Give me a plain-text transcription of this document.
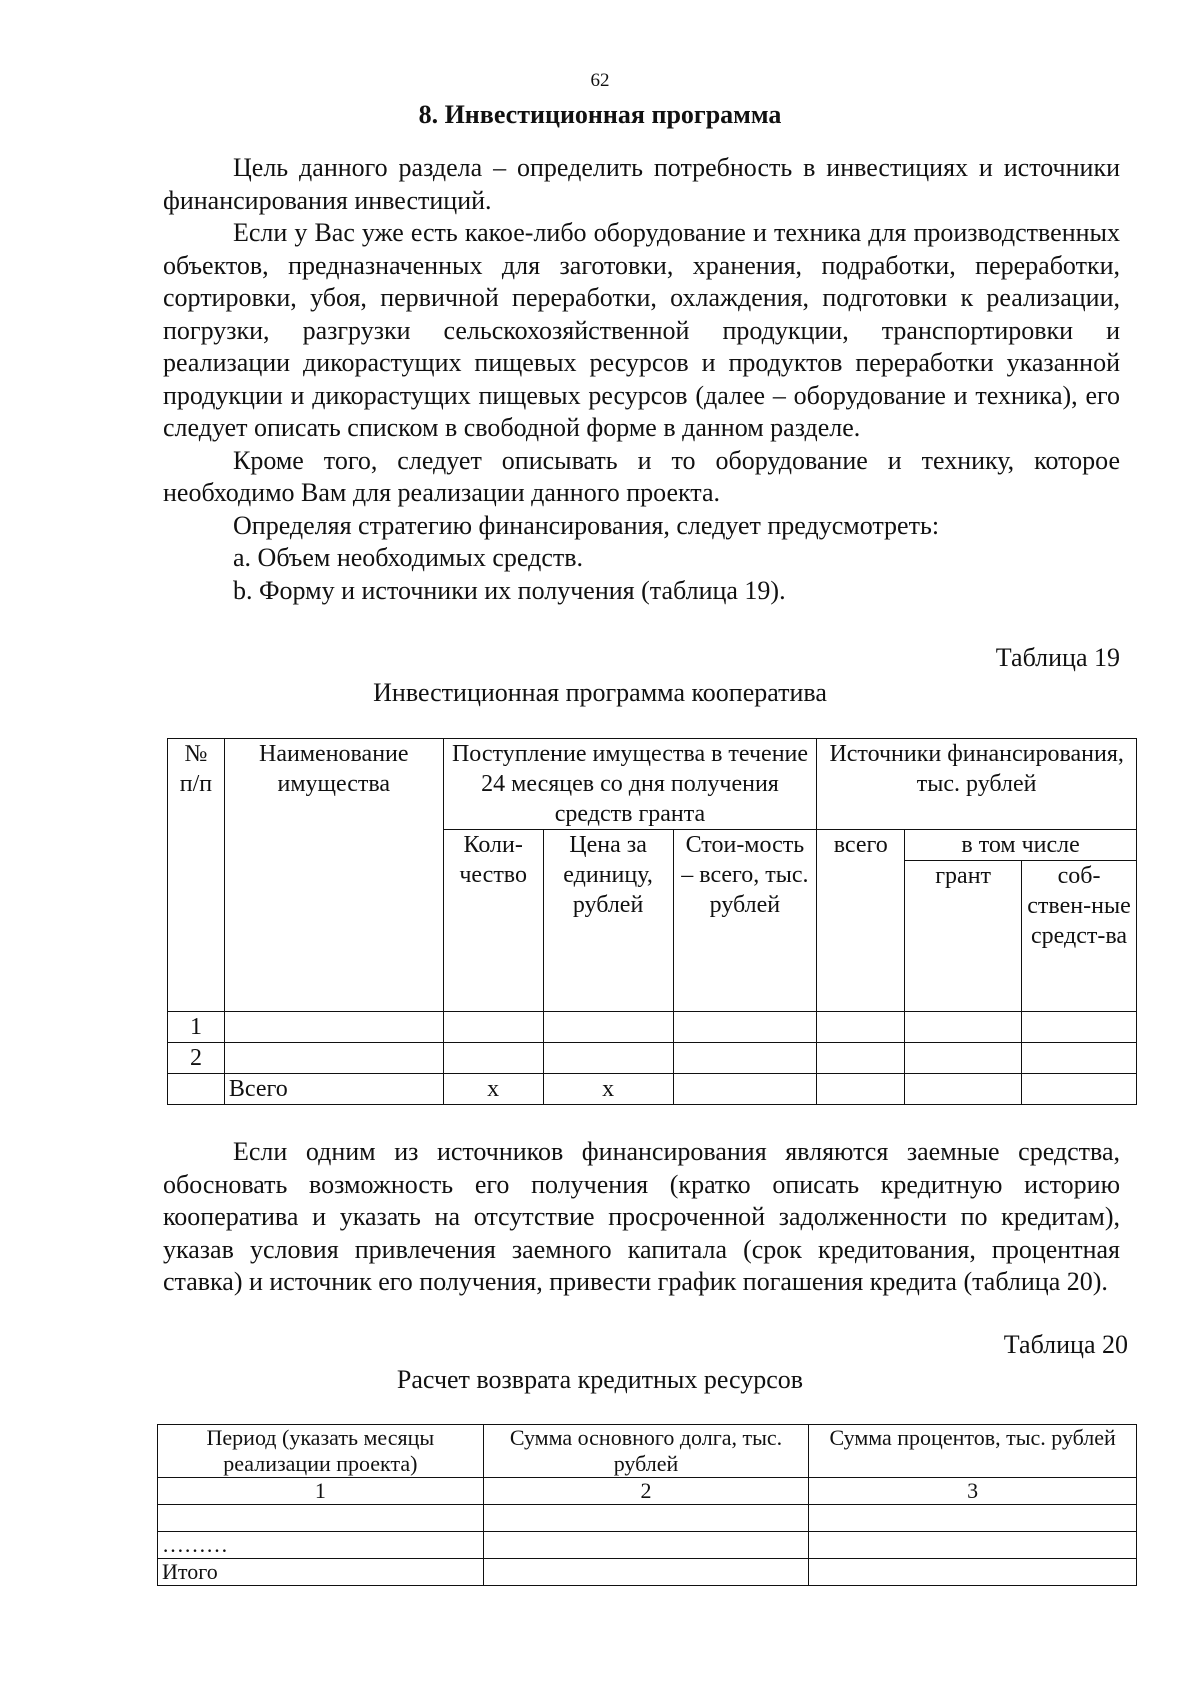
62
8. Инвестиционная программа

Цель данного раздела – определить потребность в инвестициях и источники финансирования инвестиций.

Если у Вас уже есть какое-либо оборудование и техника для производственных объектов, предназначенных для заготовки, хранения, подработки, переработки, сортировки, убоя, первичной переработки, охлаждения, подготовки к реализации, погрузки, разгрузки сельскохозяйственной продукции, транспортировки и реализации дикорастущих пищевых ресурсов и продуктов переработки указанной продукции и дикорастущих пищевых ресурсов (далее – оборудование и техника), его следует описать списком в свободной форме в данном разделе.

Кроме того, следует описывать и то оборудование и технику, которое необходимо Вам для реализации данного проекта.

Определяя стратегию финансирования, следует предусмотреть:

a. Объем необходимых средств.

b. Форму и источники их получения (таблица 19).

Таблица 19
Инвестиционная программа кооператива
№ п/п	Наименование имущества	Поступление имущества в течение 24 месяцев со дня получения средств гранта			Источники финансирования, тыс. рублей		
		Коли-чество	Цена за единицу, рублей	Стои-мость – всего, тыс. рублей	всего	в том числе	
						грант	соб-ствен-ные средст-ва
1							
2							
	Всего	х	х				

Если одним из источников финансирования являются заемные средства, обосновать возможность его получения (кратко описать кредитную историю кооператива и указать на отсутствие просроченной задолженности по кредитам), указав условия привлечения заемного капитала (срок кредитования, процентная ставка) и источник его получения, привести график погашения кредита (таблица 20).

Таблица 20
Расчет возврата кредитных ресурсов
Период (указать месяцы реализации проекта)	Сумма основного долга, тыс. рублей	Сумма процентов, тыс. рублей
1	2	3

………		
Итого		
